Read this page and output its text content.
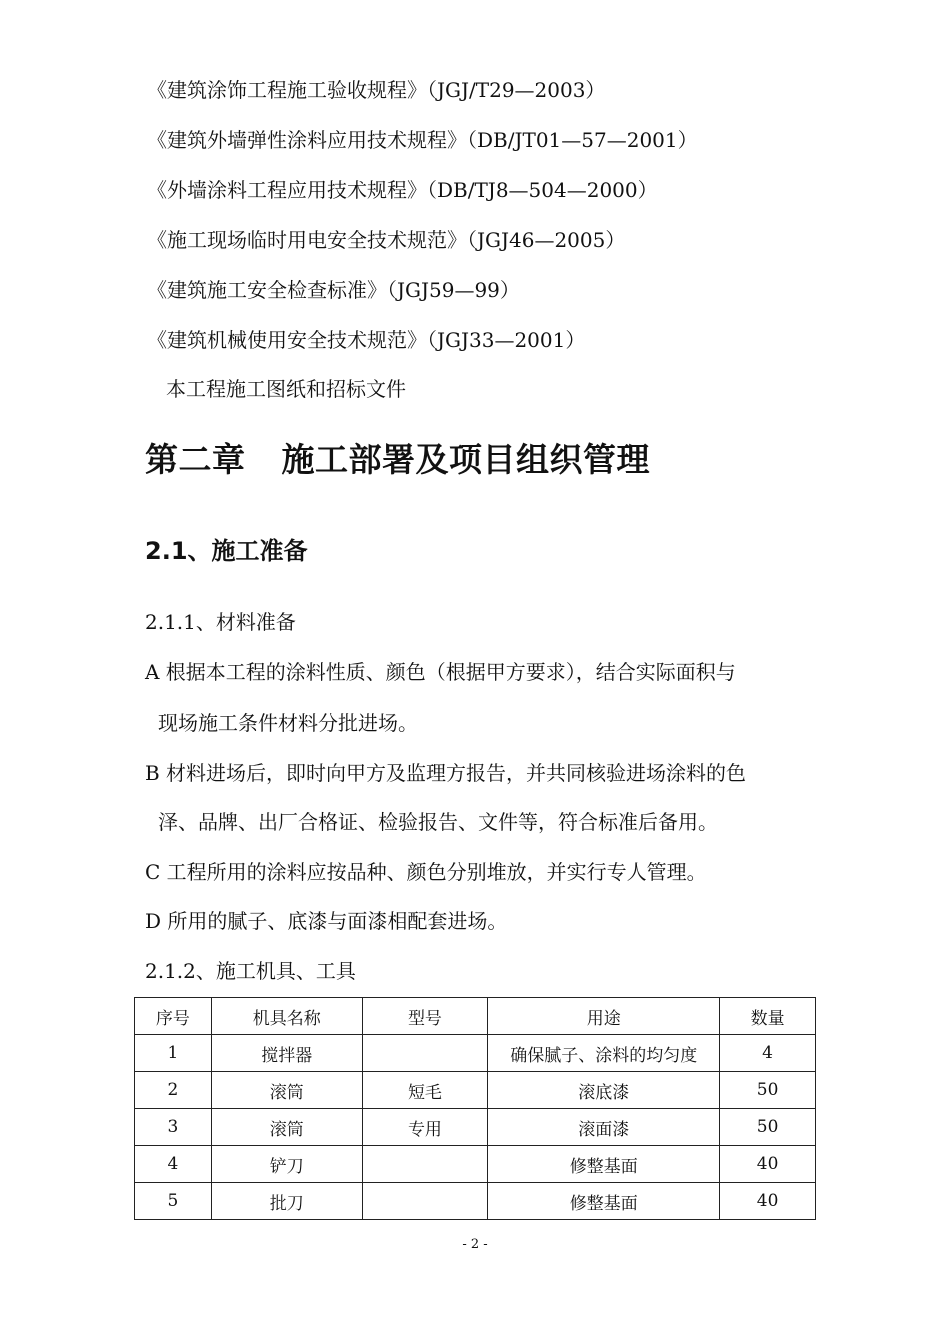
《建筑涂饰工程施工验收规程》（JGJ/T29—2003）
《建筑外墙弹性涂料应用技术规程》（DB/JT01—57—2001）
《外墙涂料工程应用技术规程》（DB/TJ8—504—2000）
《施工现场临时用电安全技术规范》（JGJ46—2005）
《建筑施工安全检查标准》（JGJ59—99）
《建筑机械使用安全技术规范》（JGJ33—2001）
本工程施工图纸和招标文件
第二章 施工部署及项目组织管理
2.1、施工准备
2.1.1、材料准备
A 根据本工程的涂料性质、颜色（根据甲方要求），结合实际面积与
现场施工条件材料分批进场。
B 材料进场后，即时向甲方及监理方报告，并共同核验进场涂料的色
泽、品牌、出厂合格证、检验报告、文件等，符合标准后备用。
C 工程所用的涂料应按品种、颜色分别堆放，并实行专人管理。
D 所用的腻子、底漆与面漆相配套进场。
2.1.2、施工机具、工具
序号	机具名称	型号	用途	数量
1	搅拌器		确保腻子、涂料的均匀度	4
2	滚筒	短毛	滚底漆	50
3	滚筒	专用	滚面漆	50
4	铲刀		修整基面	40
5	批刀		修整基面	40
- 2 -
